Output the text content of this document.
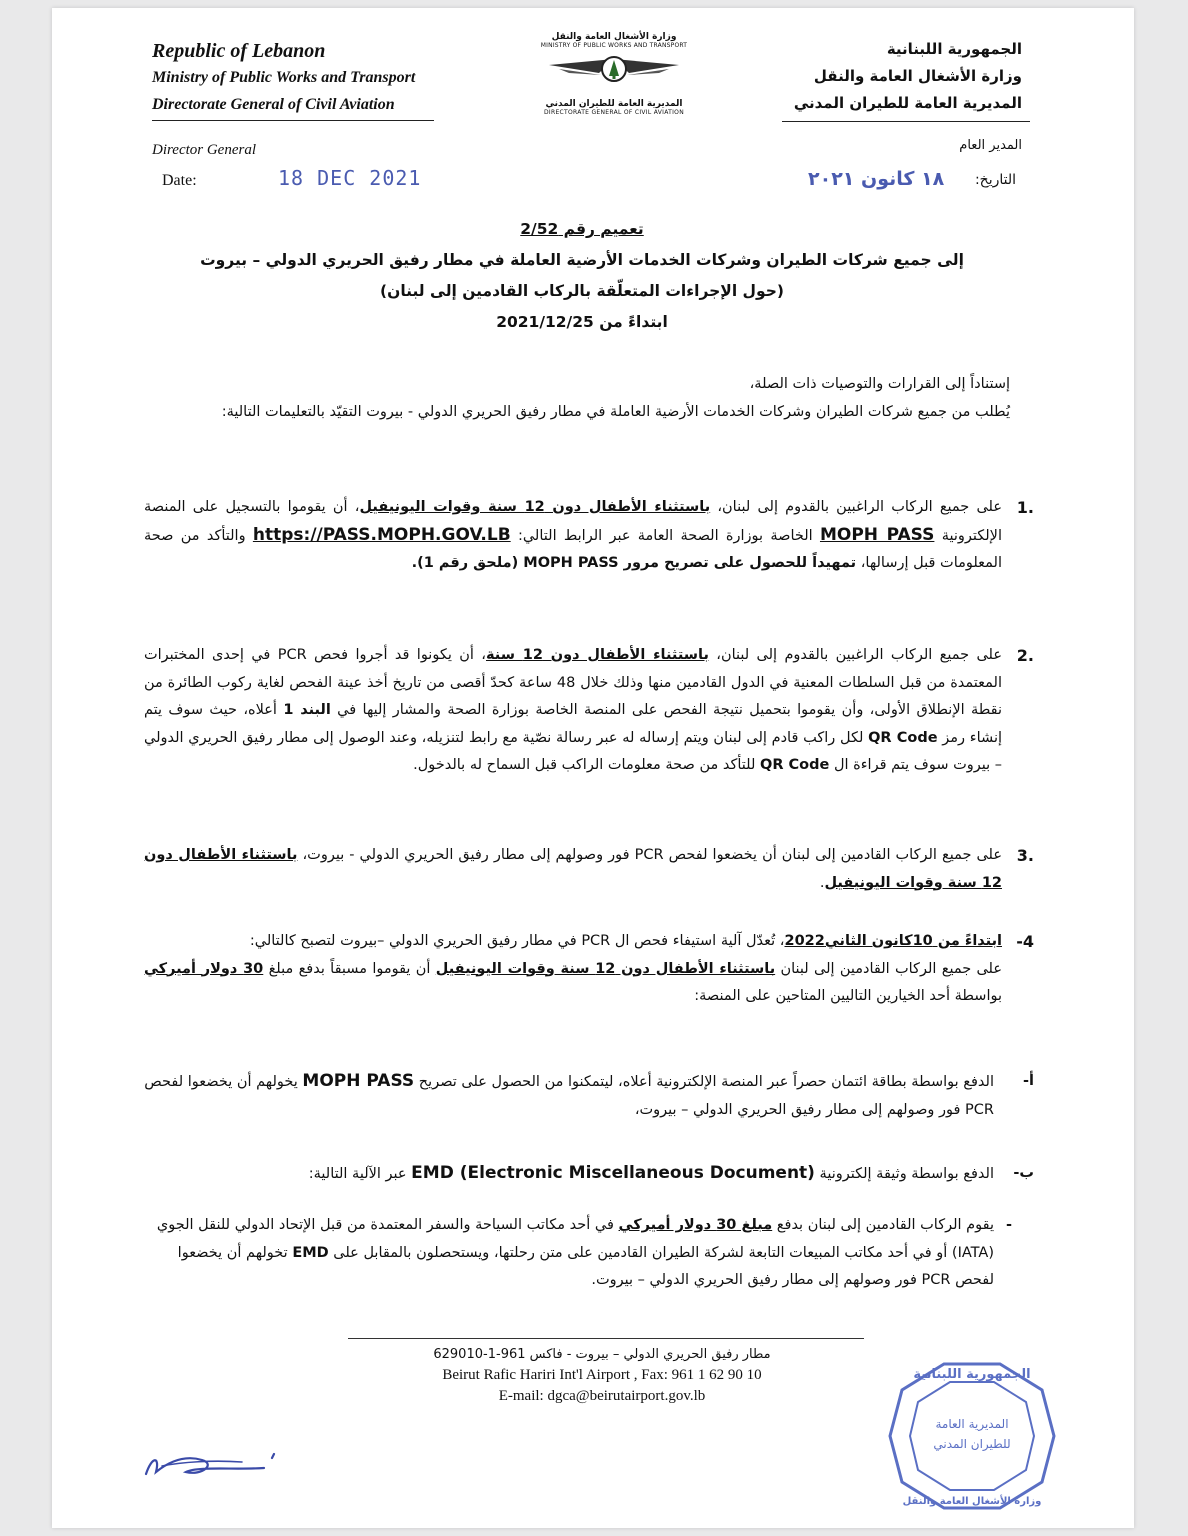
Republic of Lebanon
Ministry of Public Works and Transport
Directorate General of Civil Aviation
وزارة الأشغال العامة والنقل
MINISTRY OF PUBLIC WORKS AND TRANSPORT
المديرية العامة للطيران المدني
DIRECTORATE GENERAL OF CIVIL AVIATION
الجمهورية اللبنانية
وزارة الأشغال العامة والنقل
المديرية العامة للطيران المدني
Director General	المدير العام
Date:	18 DEC 2021	١٨ كانون ٢٠٢١ التاريخ:
تعميم رقم 2/52
إلى جميع شركات الطيران وشركات الخدمات الأرضية العاملة في مطار رفيق الحريري الدولي – بيروت
(حول الإجراءات المتعلّقة بالركاب القادمين إلى لبنان)
ابتداءً من 2021/12/25
إستناداً إلى القرارات والتوصيات ذات الصلة،
يُطلب من جميع شركات الطيران وشركات الخدمات الأرضية العاملة في مطار رفيق الحريري الدولي - بيروت التقيّد بالتعليمات التالية:
1.
على جميع الركاب الراغبين بالقدوم إلى لبنان، باستثناء الأطفال دون 12 سنة وقوات اليونيفيل، أن يقوموا بالتسجيل على المنصة الإلكترونية MOPH PASS الخاصة بوزارة الصحة العامة عبر الرابط التالي: https://PASS.MOPH.GOV.LB والتأكد من صحة المعلومات قبل إرسالها، تمهيداً للحصول على تصريح مرور MOPH PASS (ملحق رقم 1).
2.
على جميع الركاب الراغبين بالقدوم إلى لبنان، باستثناء الأطفال دون 12 سنة، أن يكونوا قد أجروا فحص PCR في إحدى المختبرات المعتمدة من قبل السلطات المعنية في الدول القادمين منها وذلك خلال 48 ساعة كحدّ أقصى من تاريخ أخذ عينة الفحص لغاية ركوب الطائرة من نقطة الإنطلاق الأولى، وأن يقوموا بتحميل نتيجة الفحص على المنصة الخاصة بوزارة الصحة والمشار إليها في البند 1 أعلاه، حيث سوف يتم إنشاء رمز QR Code لكل راكب قادم إلى لبنان ويتم إرساله له عبر رسالة نصّية مع رابط لتنزيله، وعند الوصول إلى مطار رفيق الحريري الدولي – بيروت سوف يتم قراءة ال QR Code للتأكد من صحة معلومات الراكب قبل السماح له بالدخول.
3.
على جميع الركاب القادمين إلى لبنان أن يخضعوا لفحص PCR فور وصولهم إلى مطار رفيق الحريري الدولي - بيروت، باستثناء الأطفال دون 12 سنة وقوات اليونيفيل.
-4
ابتداءً من 10كانون الثاني2022، تُعدّل آلية استيفاء فحص ال PCR في مطار رفيق الحريري الدولي –بيروت لتصبح كالتالي:
على جميع الركاب القادمين إلى لبنان باستثناء الأطفال دون 12 سنة وقوات اليونيفيل أن يقوموا مسبقاً بدفع مبلغ 30 دولار أميركي بواسطة أحد الخيارين التاليين المتاحين على المنصة:
أ-
الدفع بواسطة بطاقة ائتمان حصراً عبر المنصة الإلكترونية أعلاه، ليتمكنوا من الحصول على تصريح MOPH PASS يخولهم أن يخضعوا لفحص PCR فور وصولهم إلى مطار رفيق الحريري الدولي – بيروت،
ب-
الدفع بواسطة وثيقة إلكترونية EMD (Electronic Miscellaneous Document) عبر الآلية التالية:
-
يقوم الركاب القادمين إلى لبنان بدفع مبلغ 30 دولار أميركي في أحد مكاتب السياحة والسفر المعتمدة من قبل الإتحاد الدولي للنقل الجوي (IATA) أو في أحد مكاتب المبيعات التابعة لشركة الطيران القادمين على متن رحلتها، ويستحصلون بالمقابل على EMD تخولهم أن يخضعوا لفحص PCR فور وصولهم إلى مطار رفيق الحريري الدولي – بيروت.
مطار رفيق الحريري الدولي – بيروت - فاكس 961-1-629010
Beirut Rafic Hariri Int'l Airport , Fax: 961 1 62 90 10
E-mail: dgca@beirutairport.gov.lb
الجمهورية اللبنانية
المديرية العامة
للطيران المدني
وزارة الأشغال العامة والنقل
